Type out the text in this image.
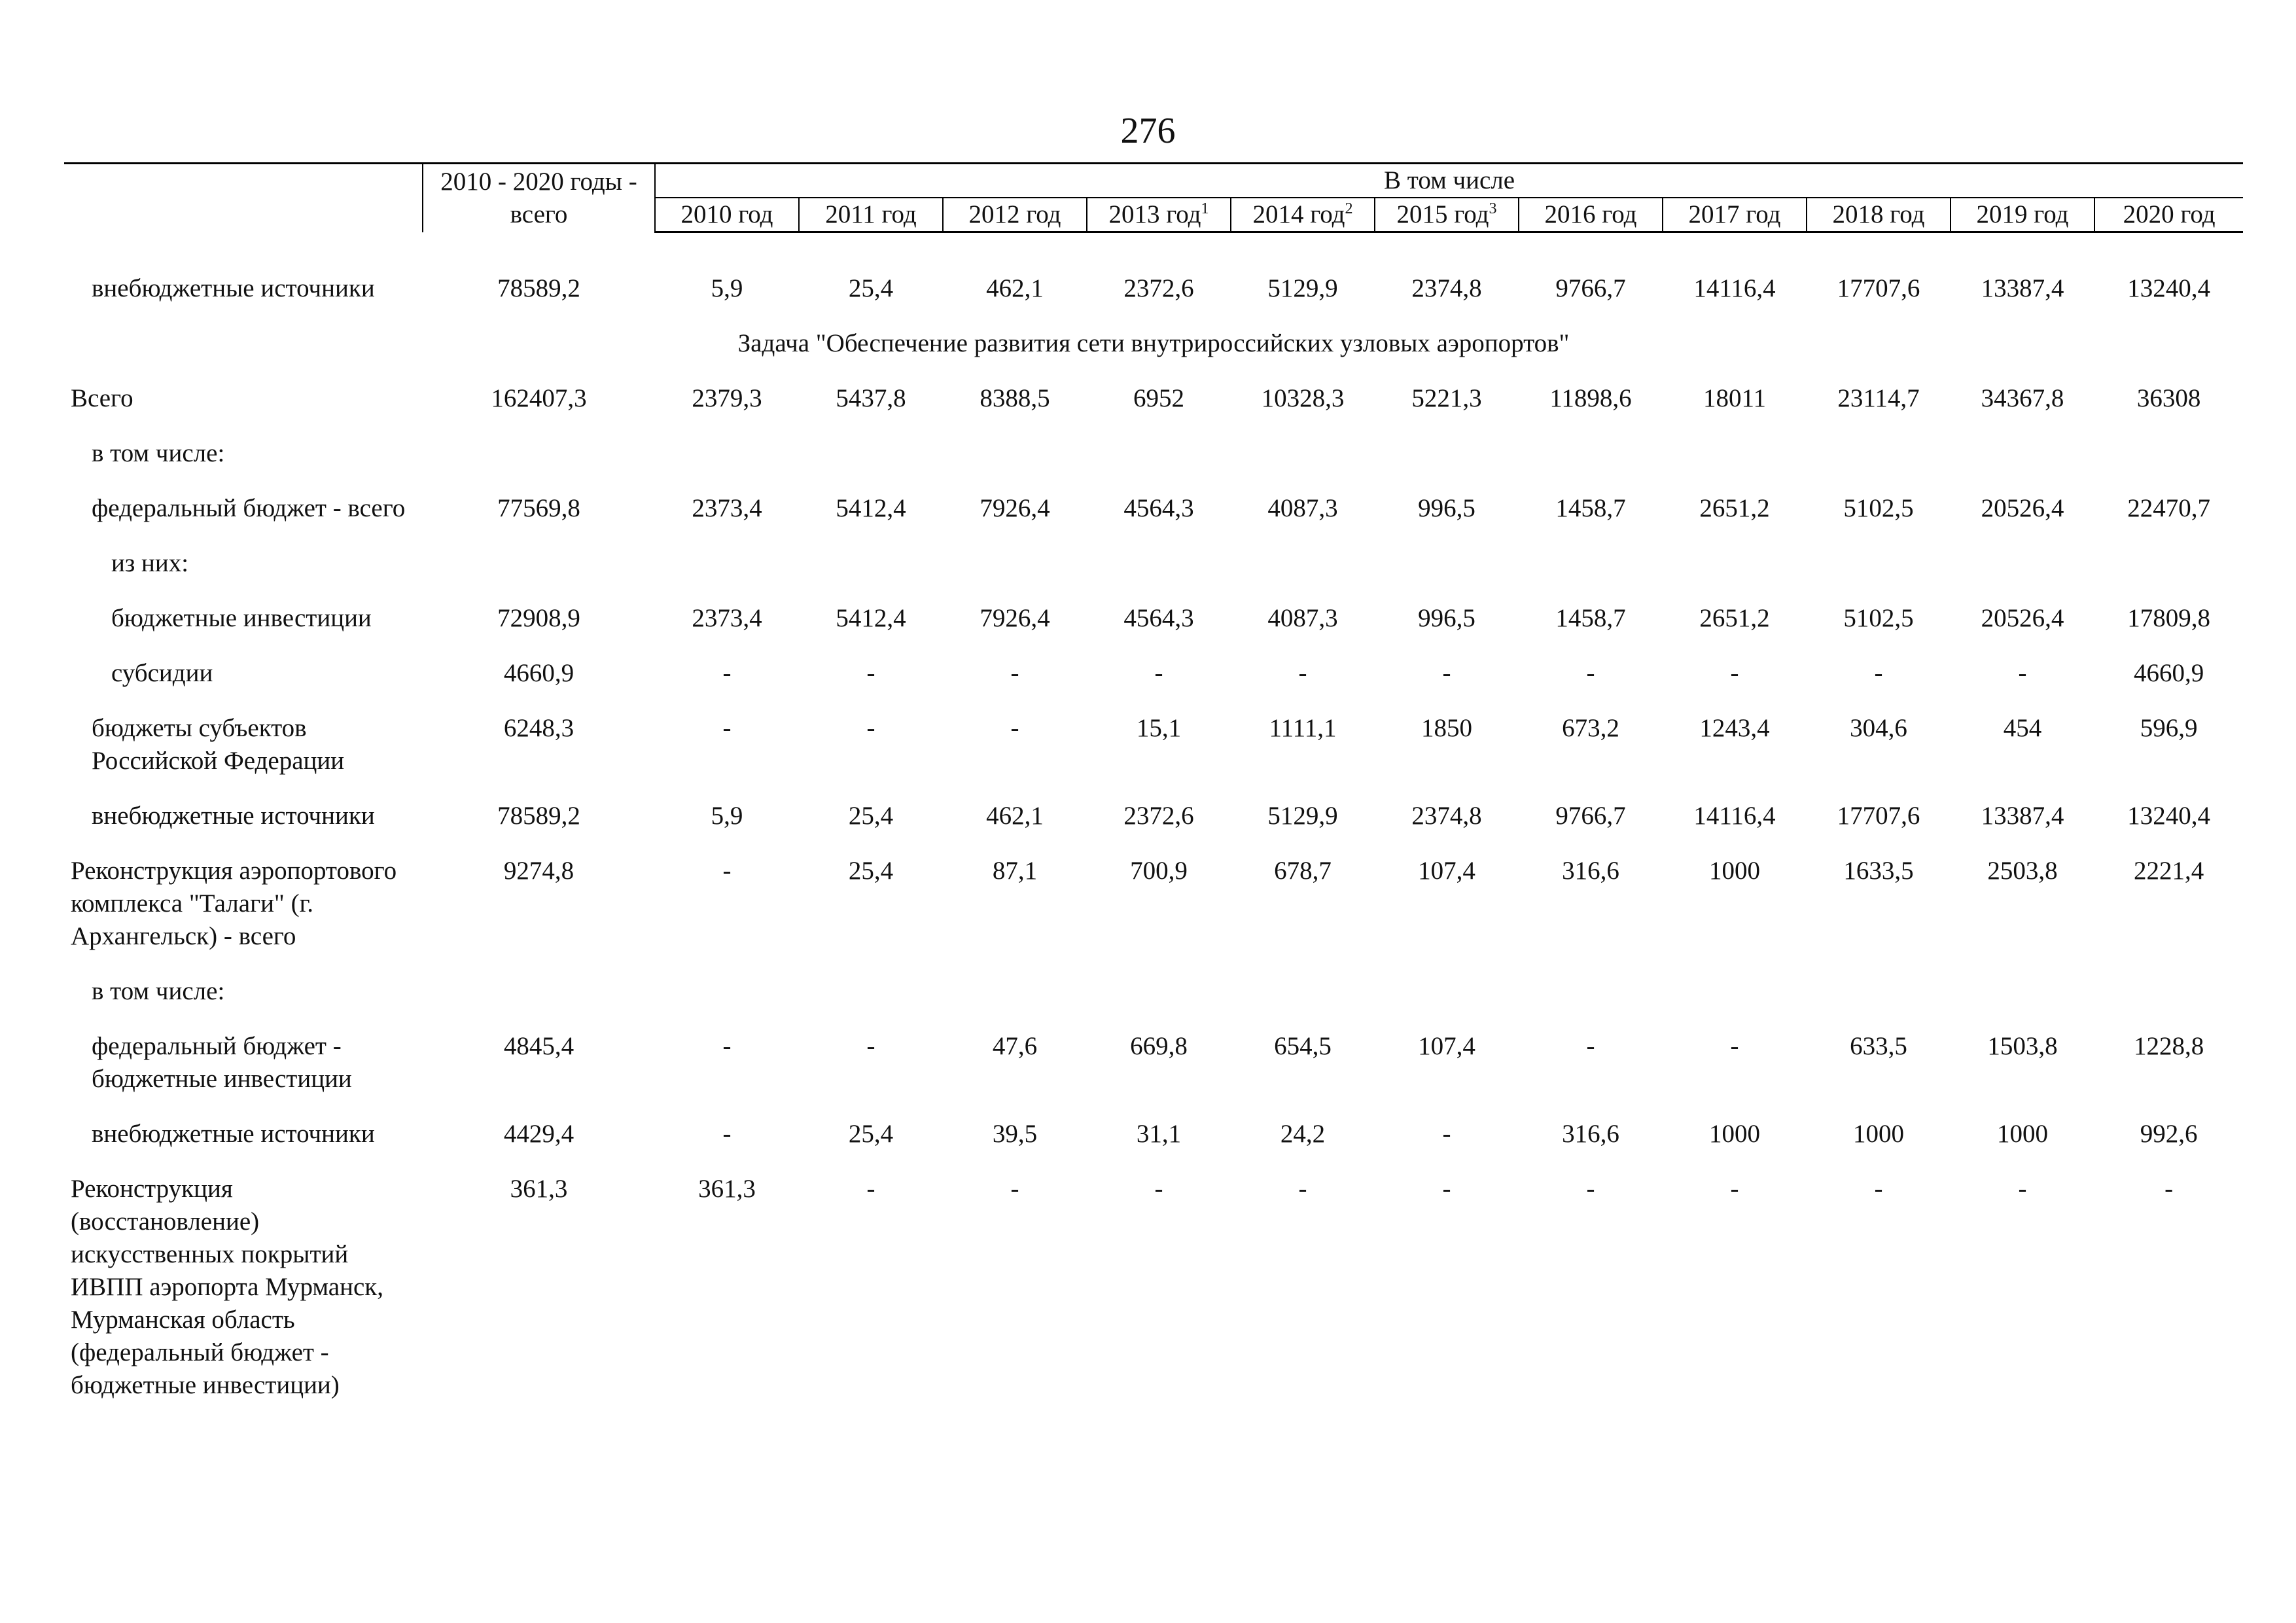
276

	2010 - 2020 годы -
всего	В том числе										
		2010 год	2011 год	2012 год	2013 год$^1$	2014 год$^2$	2015 год$^3$	2016 год	2017 год	2018 год	2019 год	2020 год

внебюджетные источники	78589,2	5,9	25,4	462,1	2372,6	5129,9	2374,8	9766,7	14116,4	17707,6	13387,4	13240,4
Задача "Обеспечение развития сети внутрироссийских узловых аэропортов"												
Всего	162407,3	2379,3	5437,8	8388,5	6952	10328,3	5221,3	11898,6	18011	23114,7	34367,8	36308
в том числе:												
федеральный бюджет - всего	77569,8	2373,4	5412,4	7926,4	4564,3	4087,3	996,5	1458,7	2651,2	5102,5	20526,4	22470,7
из них:												
бюджетные инвестиции	72908,9	2373,4	5412,4	7926,4	4564,3	4087,3	996,5	1458,7	2651,2	5102,5	20526,4	17809,8
субсидии	4660,9	-	-	-	-	-	-	-	-	-	-	4660,9
бюджеты субъектов Российской Федерации	6248,3	-	-	-	15,1	1111,1	1850	673,2	1243,4	304,6	454	596,9
внебюджетные источники	78589,2	5,9	25,4	462,1	2372,6	5129,9	2374,8	9766,7	14116,4	17707,6	13387,4	13240,4
Реконструкция аэропортового комплекса "Талаги" (г. Архангельск) - всего	9274,8	-	25,4	87,1	700,9	678,7	107,4	316,6	1000	1633,5	2503,8	2221,4
в том числе:												
федеральный бюджет - бюджетные инвестиции	4845,4	-	-	47,6	669,8	654,5	107,4	-	-	633,5	1503,8	1228,8
внебюджетные источники	4429,4	-	25,4	39,5	31,1	24,2	-	316,6	1000	1000	1000	992,6
Реконструкция (восстановление) искусственных покрытий ИВПП аэропорта Мурманск, Мурманская область (федеральный бюджет - бюджетные инвестиции)	361,3	361,3	-	-	-	-	-	-	-	-	-	-
